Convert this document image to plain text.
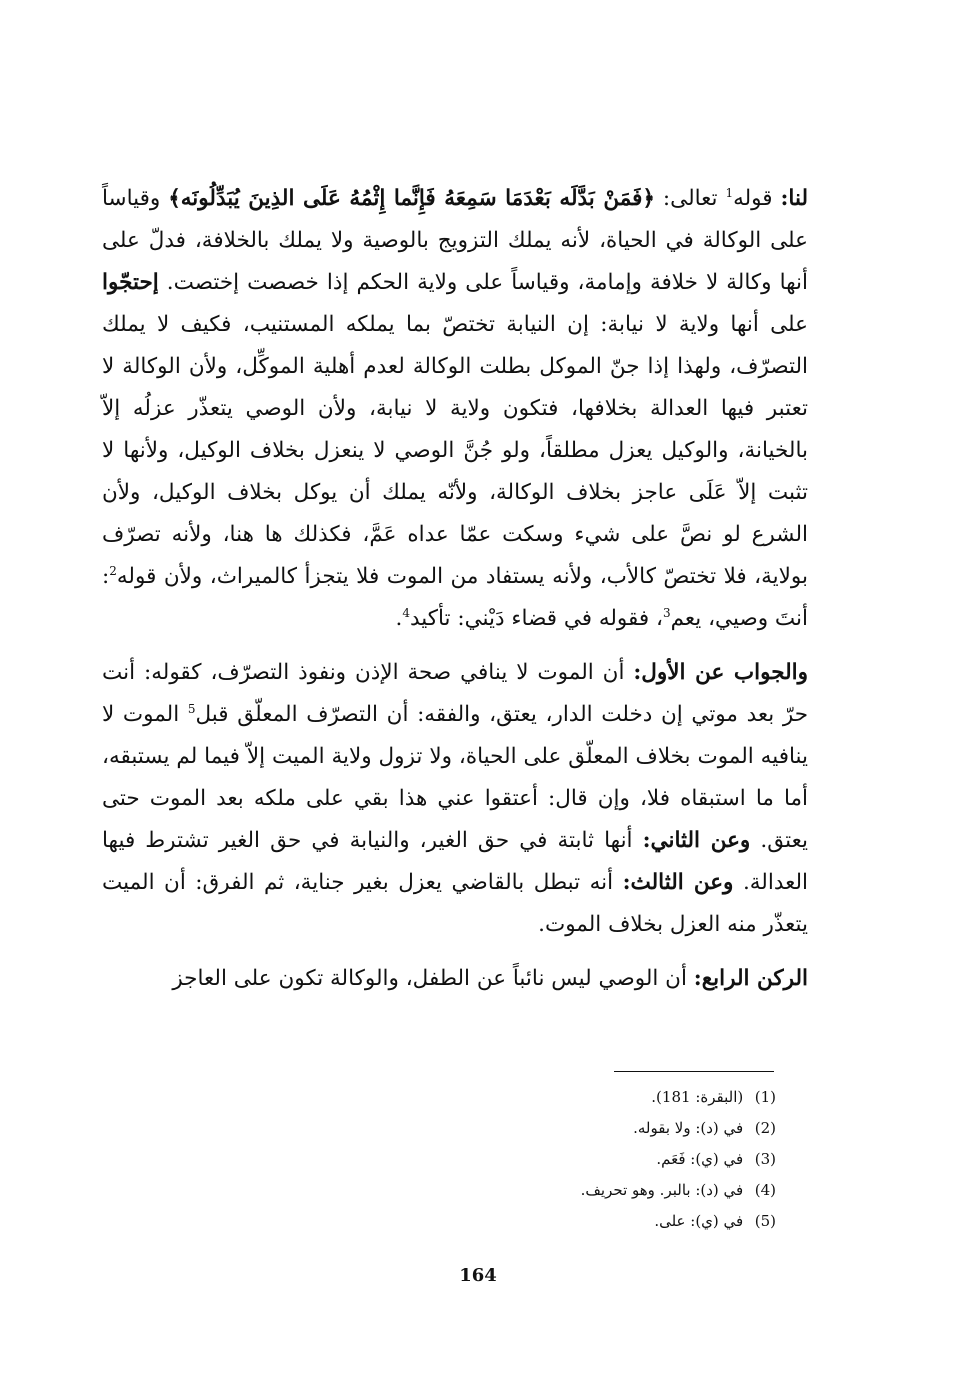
لنا: قوله$^1$ تعالى: ﴿فَمَنْ بَدَّلَه بَعْدَمَا سَمِعَهُ فَإِنَّما إِثْمُهُ عَلَى الذِينَ يُبَدِّلُونَه﴾ وقياساً على الوكالة في الحياة، لأنه يملك التزويج بالوصية ولا يملك بالخلافة، فدلّ على أنها وكالة لا خلافة وإمامة، وقياساً على ولاية الحكم إذا خصصت إختصت. إحتجّوا على أنها ولاية لا نيابة: إن النيابة تختصّ بما يملكه المستنيب، فكيف لا يملك التصرّف، ولهذا إذا جنّ الموكل بطلت الوكالة لعدم أهلية الموكِّل، ولأن الوكالة لا تعتبر فيها العدالة بخلافها، فتكون ولاية لا نيابة، ولأن الوصي يتعذّر عزلُه إلاّ بالخيانة، والوكيل يعزل مطلقاً، ولو جُنَّ الوصي لا ينعزل بخلاف الوكيل، ولأنها لا تثبت إلاّ عَلَى عاجز بخلاف الوكالة، ولأنّه يملك أن يوكل بخلاف الوكيل، ولأن الشرع لو نصَّ على شيء وسكت عمّا عداه عَمَّ، فكذلك ها هنا، ولأنه تصرّف بولاية، فلا تختصّ كالأب، ولأنه يستفاد من الموت فلا يتجزأ كالميراث، ولأن قوله$^2$: أنتَ وصيي، يعم$^3$، فقوله في قضاء دَيْني: تأكيد$^4$.

والجواب عن الأول: أن الموت لا ينافي صحة الإذن ونفوذ التصرّف، كقوله: أنت حرّ بعد موتي إن دخلت الدار، يعتق، والفقه: أن التصرّف المعلّق قبل$^5$ الموت لا ينافيه الموت بخلاف المعلّق على الحياة، ولا تزول ولاية الميت إلاّ فيما لم يستبقه، أما ما استبقاه فلا، وإن قال: أعتقوا عني هذا بقي على ملكه بعد الموت حتى يعتق. وعن الثاني: أنها ثابتة في حق الغير، والنيابة في حق الغير تشترط فيها العدالة. وعن الثالث: أنه تبطل بالقاضي يعزل بغير جناية، ثم الفرق: أن الميت يتعذّر منه العزل بخلاف الموت.

الركن الرابع: أن الوصي ليس نائباً عن الطفل، والوكالة تكون على العاجز

(1) (البقرة: 181).
(2) في (د): ولا بقوله.
(3) في (ي): فَعَم.
(4) في (د): بالبر. وهو تحريف.
(5) في (ي): على.
164
